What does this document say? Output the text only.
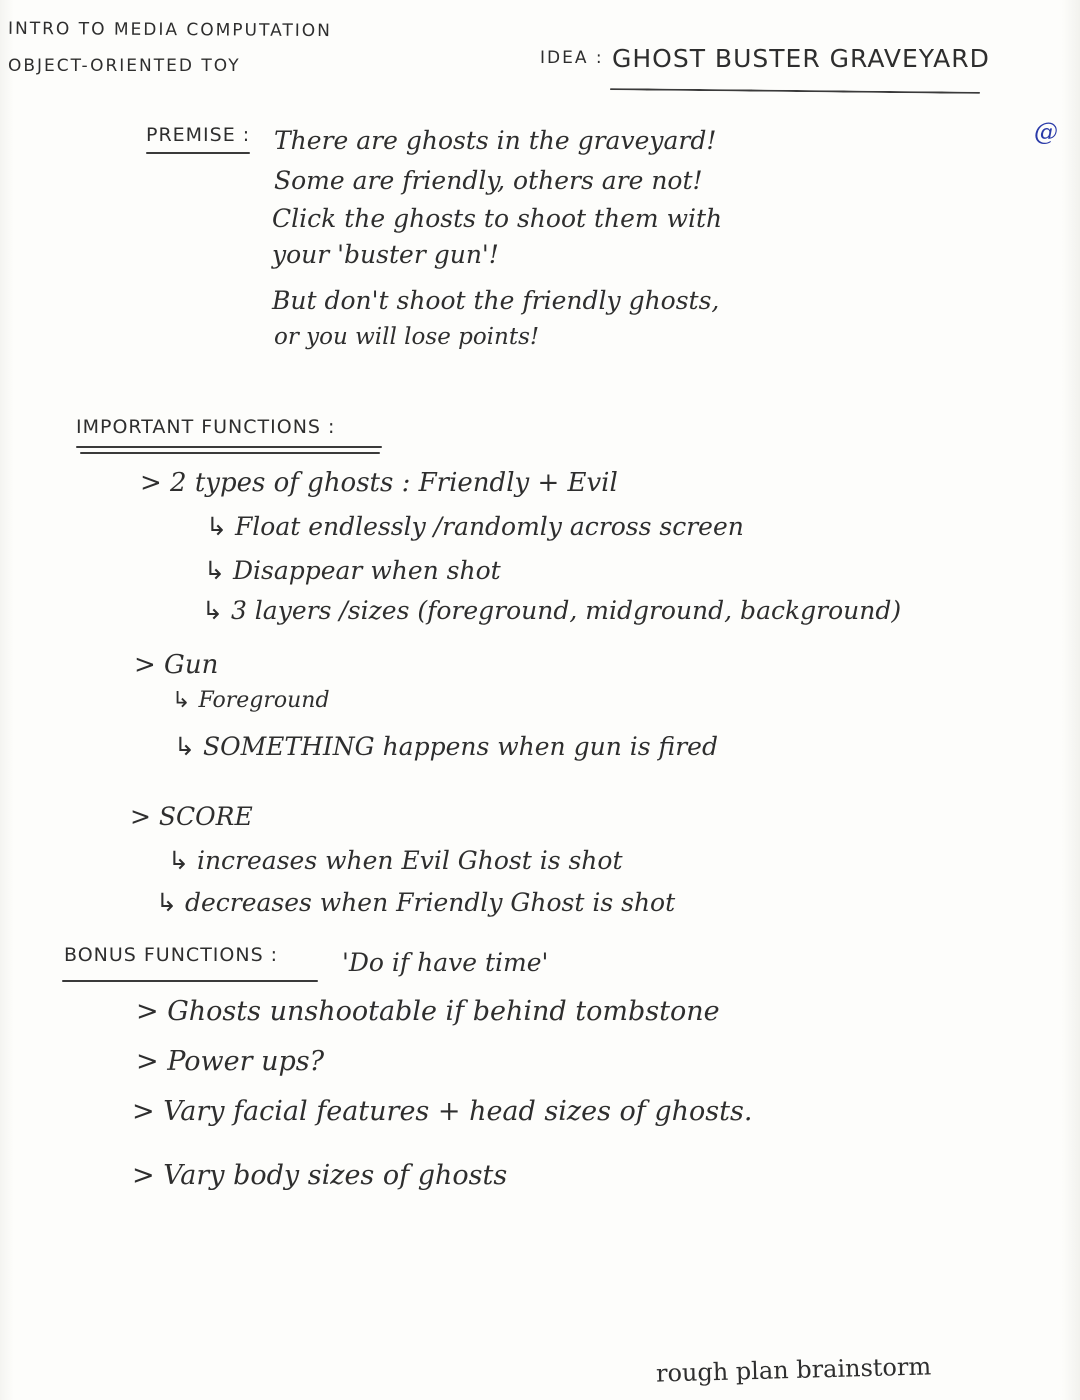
INTRO TO MEDIA COMPUTATION
OBJECT-ORIENTED TOY	IDEA : GHOST BUSTER GRAVEYARD
@
PREMISE : There are ghosts in the graveyard!
Some are friendly, others are not!
Click the ghosts to shoot them with
your 'buster gun'!
But don't shoot the friendly ghosts,
or you will lose points!
IMPORTANT FUNCTIONS :
> 2 types of ghosts : Friendly + Evil
↳ Float endlessly /randomly across screen
↳ Disappear when shot
↳ 3 layers /sizes (foreground, midground, background)
> Gun
↳ Foreground
↳ SOMETHING happens when gun is fired
> SCORE
↳ increases when Evil Ghost is shot
↳ decreases when Friendly Ghost is shot
BONUS FUNCTIONS :	'Do if have time'
> Ghosts unshootable if behind tombstone
> Power ups?
> Vary facial features + head sizes of ghosts.
> Vary body sizes of ghosts
rough plan brainstorm
